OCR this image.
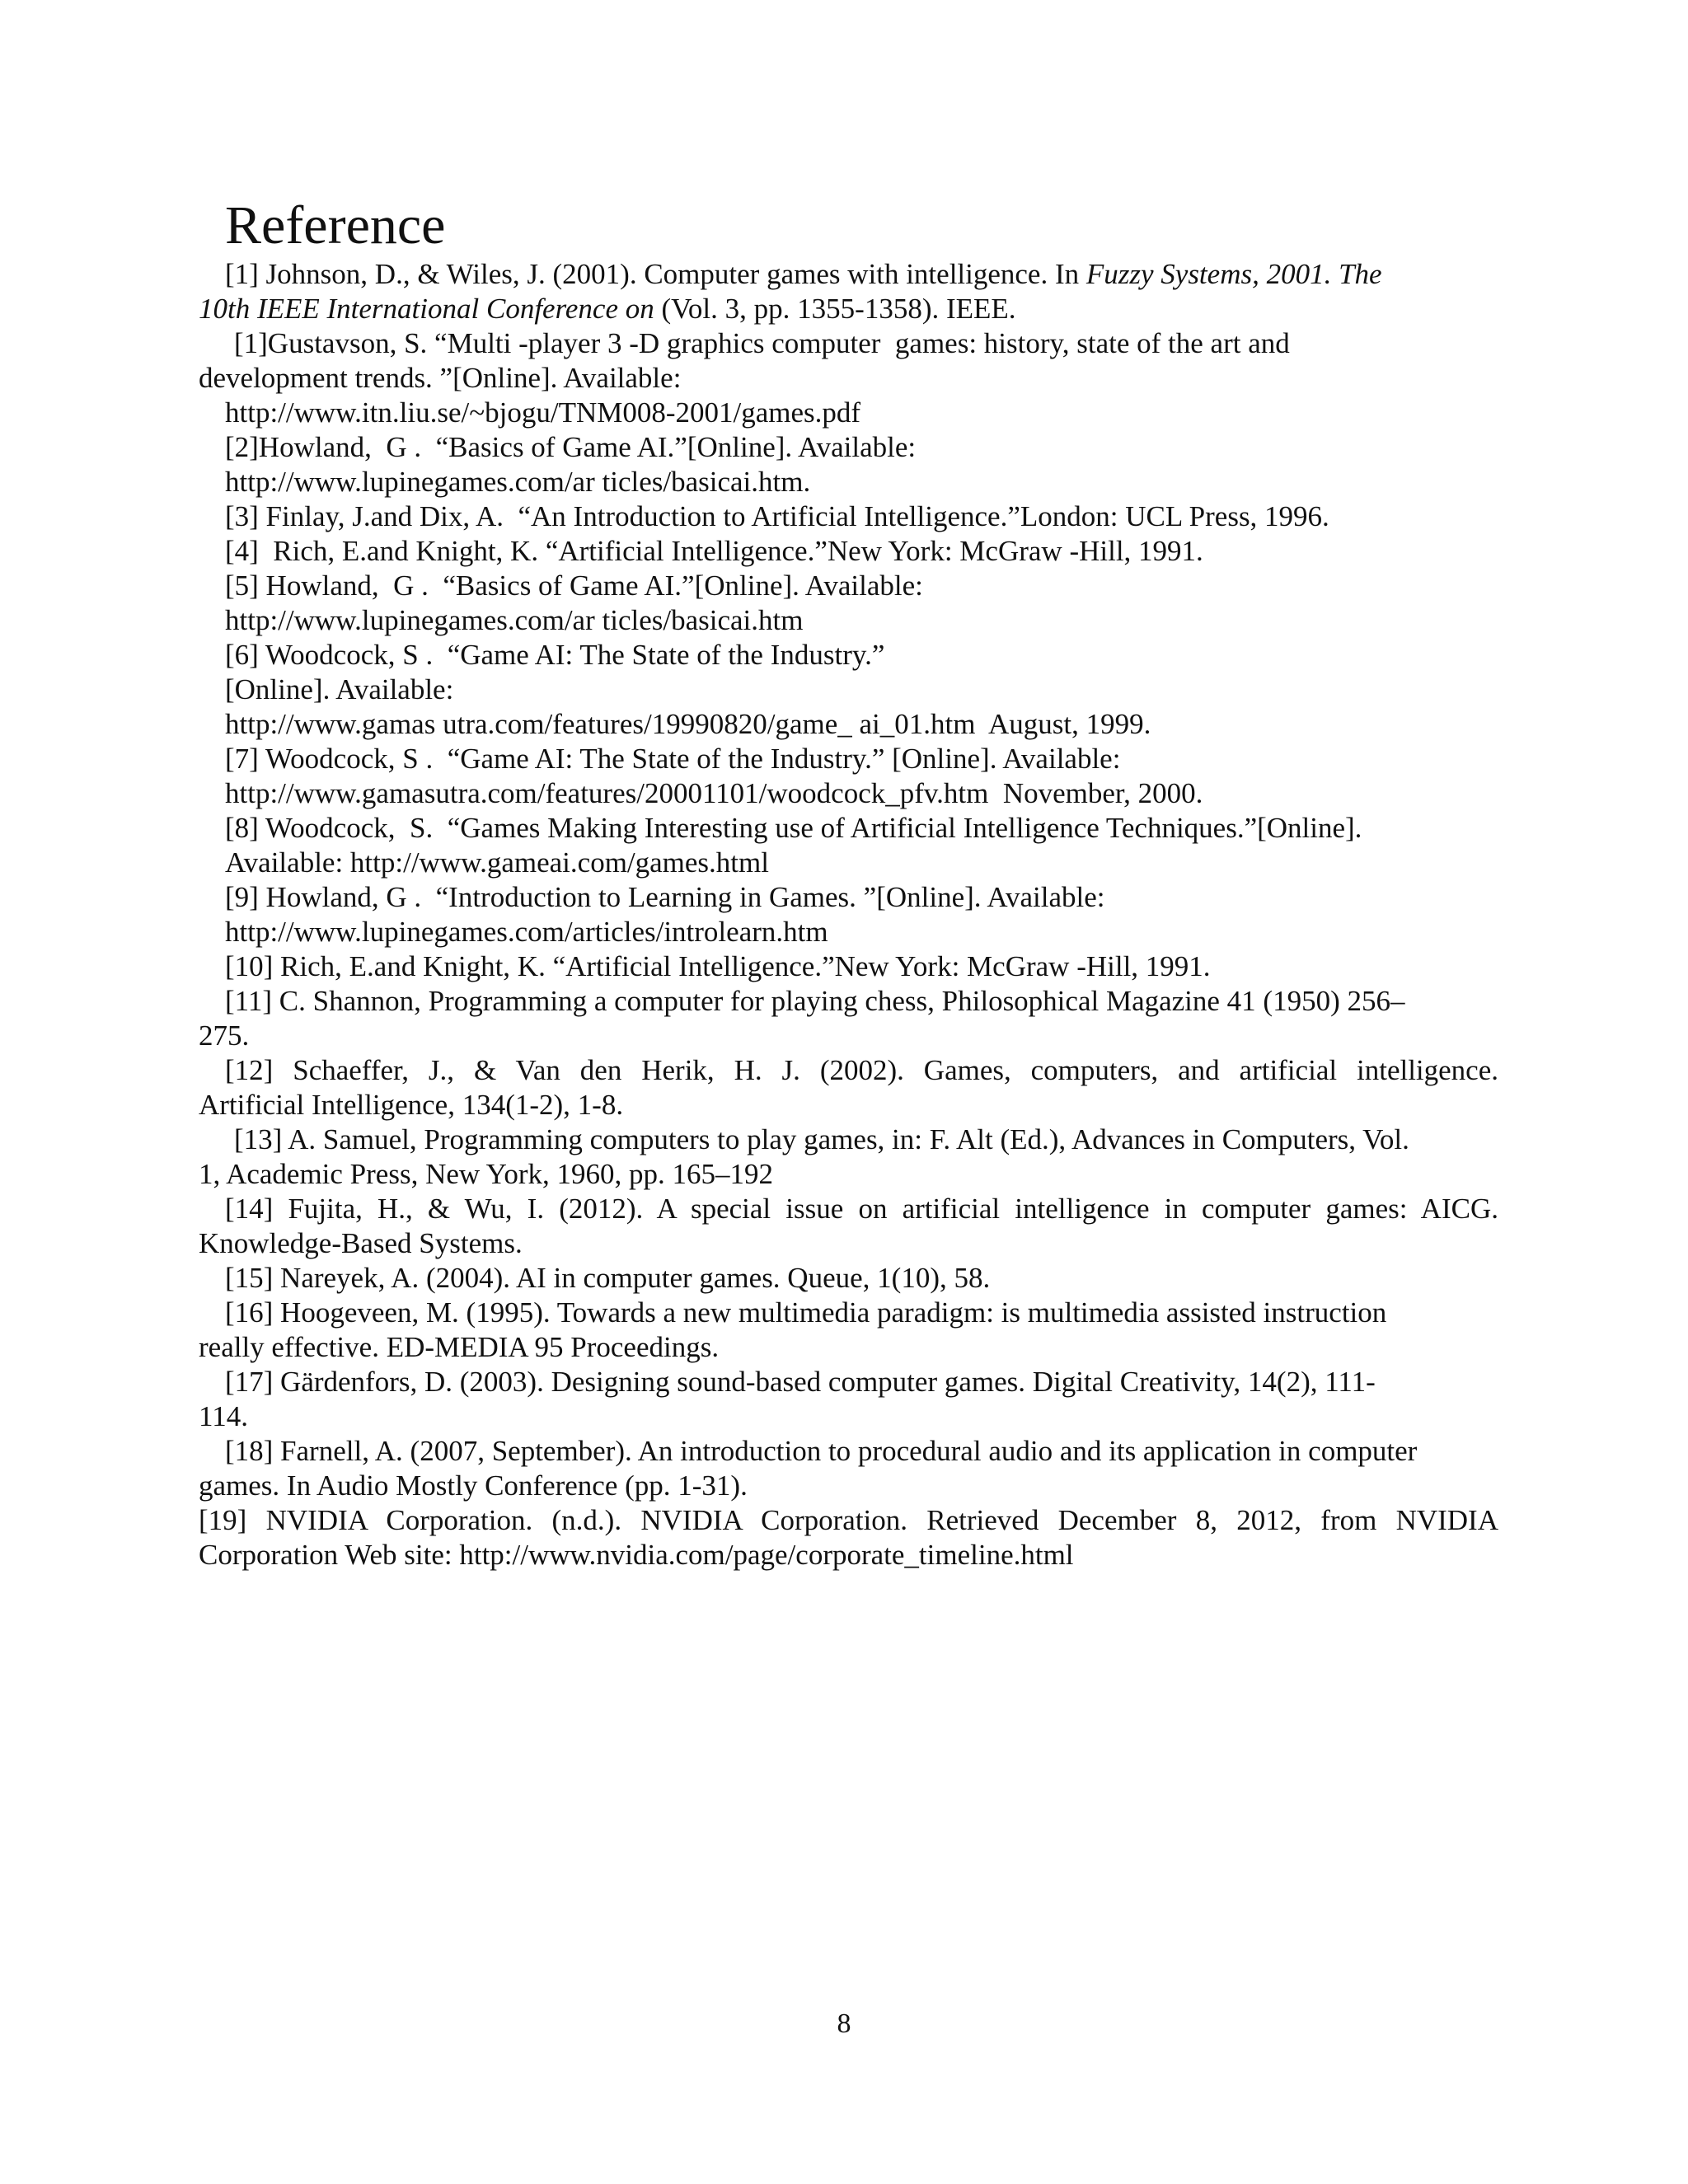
Reference
[1] Johnson, D., & Wiles, J. (2001). Computer games with intelligence. In Fuzzy Systems, 2001. The
10th IEEE International Conference on (Vol. 3, pp. 1355-1358). IEEE.
[1]Gustavson, S. “Multi -player 3 -D graphics computer  games: history, state of the art and
development trends. ”[Online]. Available:
http://www.itn.liu.se/~bjogu/TNM008-2001/games.pdf
[2]Howland,  G .  “Basics of Game AI.”[Online]. Available:
http://www.lupinegames.com/ar ticles/basicai.htm.
[3] Finlay, J.and Dix, A.  “An Introduction to Artificial Intelligence.”London: UCL Press, 1996.
[4]  Rich, E.and Knight, K. “Artificial Intelligence.”New York: McGraw -Hill, 1991.
[5] Howland,  G .  “Basics of Game AI.”[Online]. Available:
http://www.lupinegames.com/ar ticles/basicai.htm
[6] Woodcock, S .  “Game AI: The State of the Industry.”
[Online]. Available:
http://www.gamas utra.com/features/19990820/game_ ai_01.htm  August, 1999.
[7] Woodcock, S .  “Game AI: The State of the Industry.” [Online]. Available:
http://www.gamasutra.com/features/20001101/woodcock_pfv.htm  November, 2000.
[8] Woodcock,  S.  “Games Making Interesting use of Artificial Intelligence Techniques.”[Online].
Available: http://www.gameai.com/games.html
[9] Howland, G .  “Introduction to Learning in Games. ”[Online]. Available:
http://www.lupinegames.com/articles/introlearn.htm
[10] Rich, E.and Knight, K. “Artificial Intelligence.”New York: McGraw -Hill, 1991.
[11] C. Shannon, Programming a computer for playing chess, Philosophical Magazine 41 (1950) 256–
275.
[12] Schaeffer, J., & Van den Herik, H. J. (2002). Games, computers, and artificial intelligence.
Artificial Intelligence, 134(1-2), 1-8.
[13] A. Samuel, Programming computers to play games, in: F. Alt (Ed.), Advances in Computers, Vol.
1, Academic Press, New York, 1960, pp. 165–192
[14] Fujita, H., & Wu, I. (2012). A special issue on artificial intelligence in computer games: AICG.
Knowledge-Based Systems.
[15] Nareyek, A. (2004). AI in computer games. Queue, 1(10), 58.
[16] Hoogeveen, M. (1995). Towards a new multimedia paradigm: is multimedia assisted instruction
really effective. ED-MEDIA 95 Proceedings.
[17] Gärdenfors, D. (2003). Designing sound-based computer games. Digital Creativity, 14(2), 111-
114.
[18] Farnell, A. (2007, September). An introduction to procedural audio and its application in computer
games. In Audio Mostly Conference (pp. 1-31).
[19] NVIDIA Corporation. (n.d.). NVIDIA Corporation. Retrieved December 8, 2012, from NVIDIA
Corporation Web site: http://www.nvidia.com/page/corporate_timeline.html
8
